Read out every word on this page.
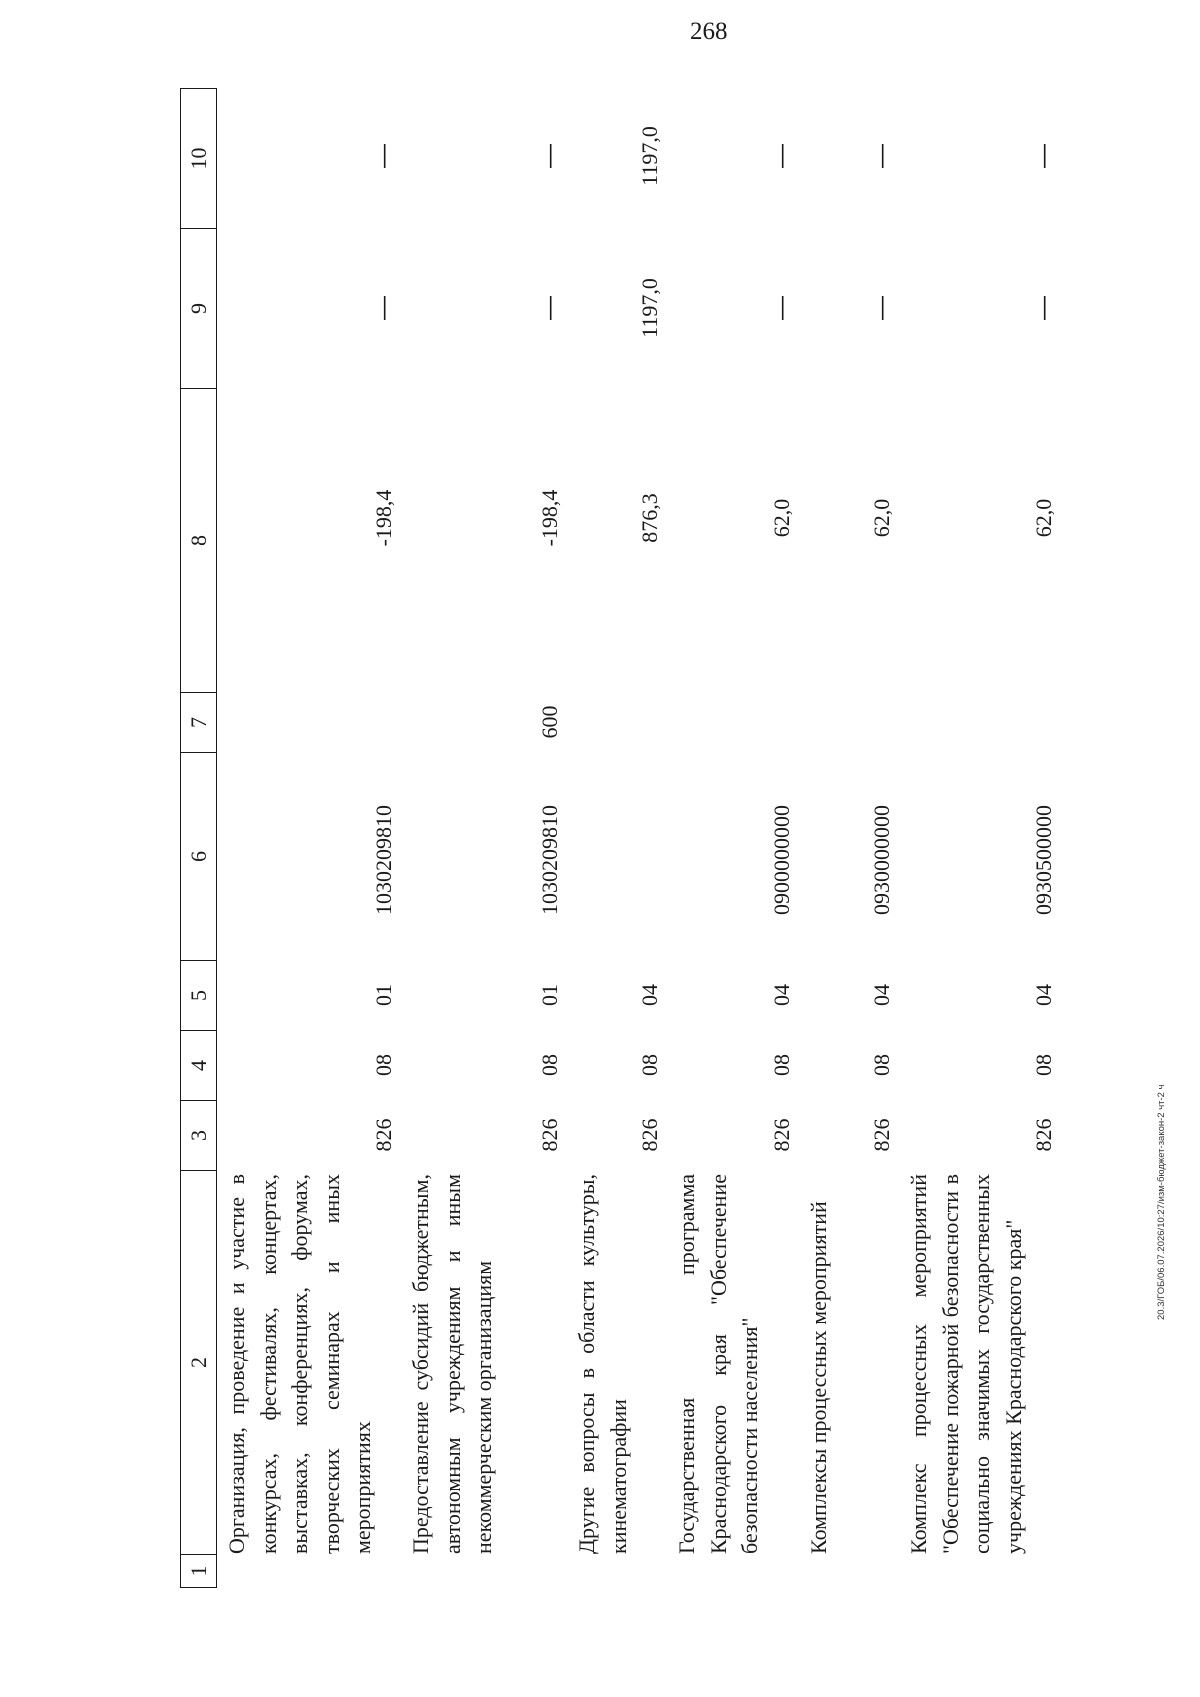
268
20.3/ГОБ/06.07.2026/10:27/изм-бюджет-закон-2 чт-2 ч
1
2
3
4
5
6
7
8
9
10
Организация, проведение и участие в конкурсах, фестивалях, концертах, выставках, конференциях, форумах, творческих семинарах и иных мероприятиях
826
08
01
1030209810
-198,4
—
—
Предоставление субсидий бюджетным, автономным учреждениям и иным некоммерческим организациям
826
08
01
1030209810
600
-198,4
—
—
Другие вопросы в области культуры, кинематографии
826
08
04
876,3
1197,0
1197,0
Государственная программа Краснодарского края "Обеспечение безопасности населения"
826
08
04
0900000000
62,0
—
—
Комплексы процессных мероприятий
826
08
04
0930000000
62,0
—
—
Комплекс процессных мероприятий "Обеспечение пожарной безопасности в социально значимых государственных учреждениях Краснодарского края"
826
08
04
0930500000
62,0
—
—
